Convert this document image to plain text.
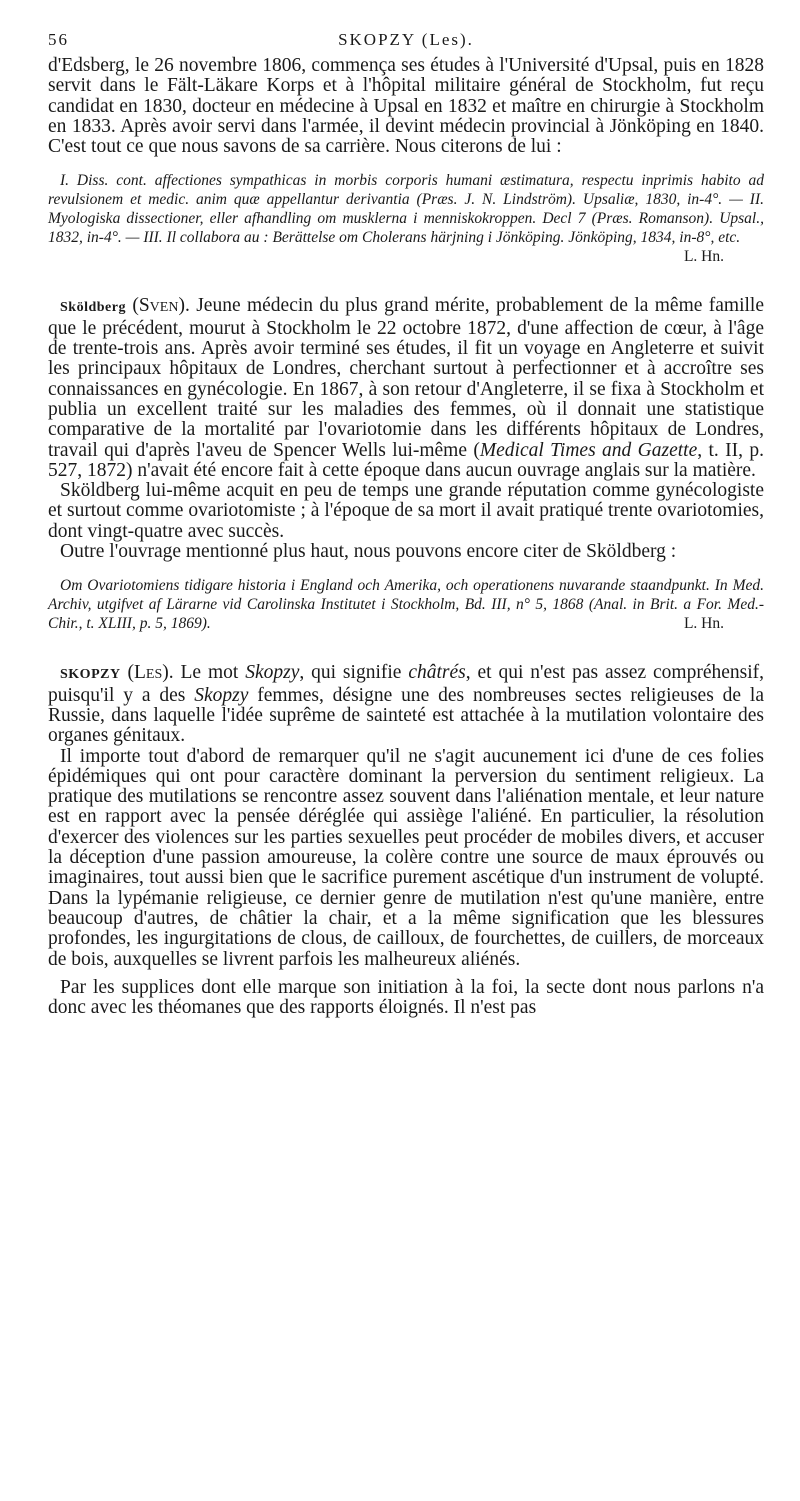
56	SKOPZY (Les).

d'Edsberg, le 26 novembre 1806, commença ses études à l'Université d'Upsal, puis en 1828 servit dans le Fält-Läkare Korps et à l'hôpital militaire général de Stockholm, fut reçu candidat en 1830, docteur en médecine à Upsal en 1832 et maître en chirurgie à Stockholm en 1833. Après avoir servi dans l'armée, il devint médecin provincial à Jönköping en 1840. C'est tout ce que nous savons de sa carrière. Nous citerons de lui :

I. Diss. cont. affectiones sympathicas in morbis corporis humani æstimatura, respectu inprimis habito ad revulsionem et medic. anim quæ appellantur derivantia (Præs. J. N. Lindström). Upsaliæ, 1830, in-4°. — II. Myologiska dissectioner, eller afhandling om musklerna i menniskokroppen. Decl 7 (Præs. Romanson). Upsal., 1832, in-4°. — III. Il collabora au : Berättelse om Cholerans härjning i Jönköping. Jönköping, 1834, in-8°, etc.
L. Hn.

Sköldberg (Sven). Jeune médecin du plus grand mérite, probablement de la même famille que le précédent, mourut à Stockholm le 22 octobre 1872, d'une affection de cœur, à l'âge de trente-trois ans. Après avoir terminé ses études, il fit un voyage en Angleterre et suivit les principaux hôpitaux de Londres, cherchant surtout à perfectionner et à accroître ses connaissances en gynécologie. En 1867, à son retour d'Angleterre, il se fixa à Stockholm et publia un excellent traité sur les maladies des femmes, où il donnait une statistique comparative de la mortalité par l'ovariotomie dans les différents hôpitaux de Londres, travail qui d'après l'aveu de Spencer Wells lui-même (Medical Times and Gazette, t. II, p. 527, 1872) n'avait été encore fait à cette époque dans aucun ouvrage anglais sur la matière.

Sköldberg lui-même acquit en peu de temps une grande réputation comme gynécologiste et surtout comme ovariotomiste ; à l'époque de sa mort il avait pratiqué trente ovariotomies, dont vingt-quatre avec succès.

Outre l'ouvrage mentionné plus haut, nous pouvons encore citer de Sköldberg :

Om Ovariotomiens tidigare historia i England och Amerika, och operationens nuvarande staandpunkt. In Med. Archiv, utgifvet af Lärarne vid Carolinska Institutet i Stockholm, Bd. III, n° 5, 1868 (Anal. in Brit. a For. Med.-Chir., t. XLIII, p. 5, 1869).	L. Hn.

SKOPZY (Les). Le mot Skopzy, qui signifie châtrés, et qui n'est pas assez compréhensif, puisqu'il y a des Skopzy femmes, désigne une des nombreuses sectes religieuses de la Russie, dans laquelle l'idée suprême de sainteté est attachée à la mutilation volontaire des organes génitaux.

Il importe tout d'abord de remarquer qu'il ne s'agit aucunement ici d'une de ces folies épidémiques qui ont pour caractère dominant la perversion du sentiment religieux. La pratique des mutilations se rencontre assez souvent dans l'aliénation mentale, et leur nature est en rapport avec la pensée déréglée qui assiège l'aliéné. En particulier, la résolution d'exercer des violences sur les parties sexuelles peut procéder de mobiles divers, et accuser la déception d'une passion amoureuse, la colère contre une source de maux éprouvés ou imaginaires, tout aussi bien que le sacrifice purement ascétique d'un instrument de volupté. Dans la lypémanie religieuse, ce dernier genre de mutilation n'est qu'une manière, entre beaucoup d'autres, de châtier la chair, et a la même signification que les blessures profondes, les ingurgitations de clous, de cailloux, de fourchettes, de cuillers, de morceaux de bois, auxquelles se livrent parfois les malheureux aliénés.

Par les supplices dont elle marque son initiation à la foi, la secte dont nous parlons n'a donc avec les théomanes que des rapports éloignés. Il n'est pas
